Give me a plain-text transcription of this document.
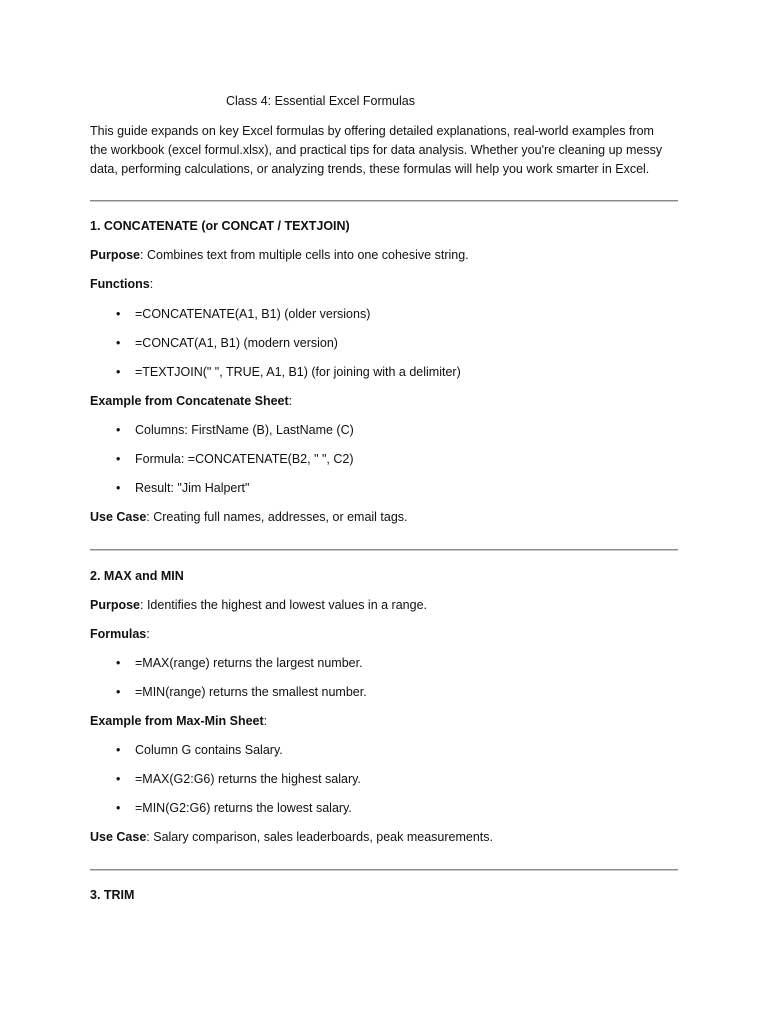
Class 4: Essential Excel Formulas
This guide expands on key Excel formulas by offering detailed explanations, real-world examples from
the workbook (excel formul.xlsx), and practical tips for data analysis. Whether you're cleaning up messy
data, performing calculations, or analyzing trends, these formulas will help you work smarter in Excel.
1. CONCATENATE (or CONCAT / TEXTJOIN)
Purpose: Combines text from multiple cells into one cohesive string.
Functions:
• =CONCATENATE(A1, B1) (older versions)
• =CONCAT(A1, B1) (modern version)
• =TEXTJOIN(" ", TRUE, A1, B1) (for joining with a delimiter)
Example from Concatenate Sheet:
• Columns: FirstName (B), LastName (C)
• Formula: =CONCATENATE(B2, " ", C2)
• Result: "Jim Halpert"
Use Case: Creating full names, addresses, or email tags.
2. MAX and MIN
Purpose: Identifies the highest and lowest values in a range.
Formulas:
• =MAX(range) returns the largest number.
• =MIN(range) returns the smallest number.
Example from Max-Min Sheet:
• Column G contains Salary.
• =MAX(G2:G6) returns the highest salary.
• =MIN(G2:G6) returns the lowest salary.
Use Case: Salary comparison, sales leaderboards, peak measurements.
3. TRIM
